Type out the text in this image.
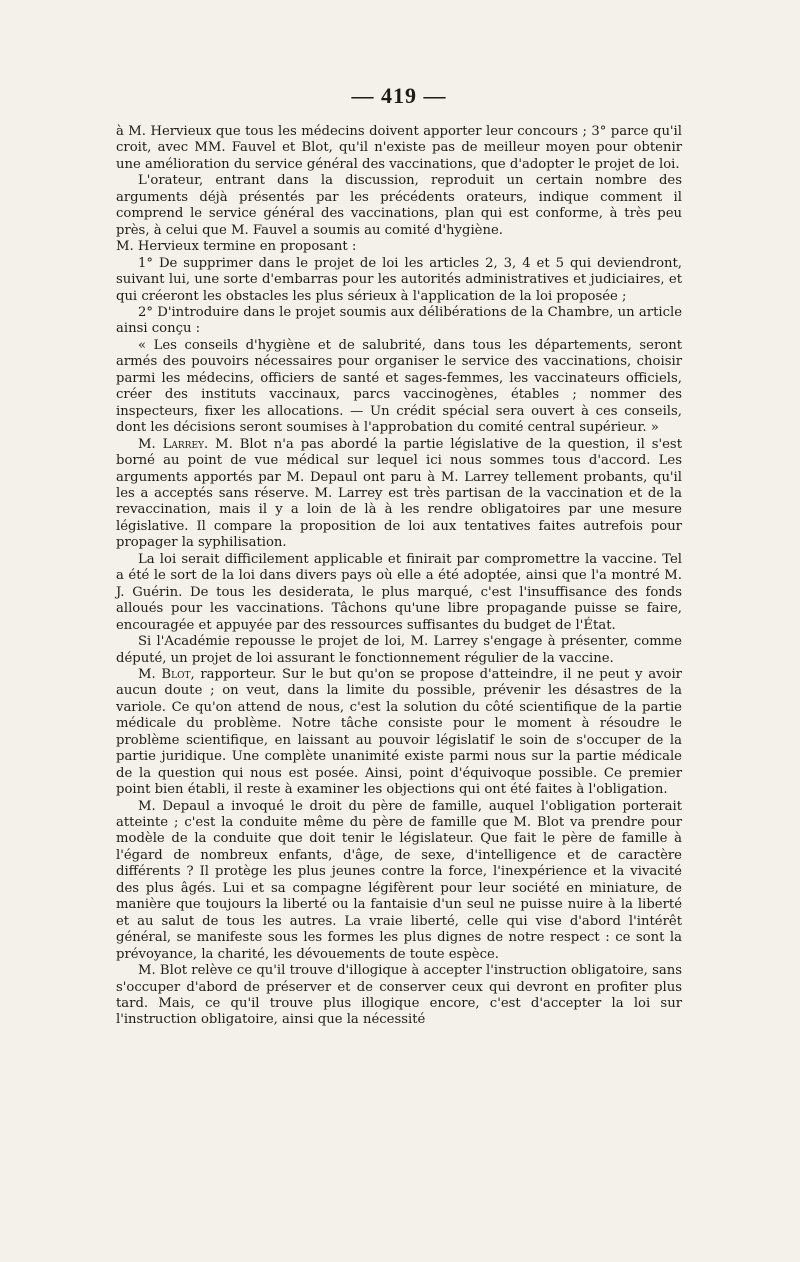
— 419 —

à M. Hervieux que tous les médecins doivent apporter leur concours ; 3° parce qu'il croit, avec MM. Fauvel et Blot, qu'il n'existe pas de meilleur moyen pour obtenir une amélioration du service général des vaccinations, que d'adopter le projet de loi.

L'orateur, entrant dans la discussion, reproduit un certain nombre des arguments déjà présentés par les précédents orateurs, indique comment il comprend le service général des vaccinations, plan qui est conforme, à très peu près, à celui que M. Fauvel a soumis au comité d'hygiène.

M. Hervieux termine en proposant :

1° De supprimer dans le projet de loi les articles 2, 3, 4 et 5 qui deviendront, suivant lui, une sorte d'embarras pour les autorités administratives et judiciaires, et qui créeront les obstacles les plus sérieux à l'application de la loi proposée ;

2° D'introduire dans le projet soumis aux délibérations de la Chambre, un article ainsi conçu :

« Les conseils d'hygiène et de salubrité, dans tous les départements, seront armés des pouvoirs nécessaires pour organiser le service des vaccinations, choisir parmi les médecins, officiers de santé et sages-femmes, les vaccinateurs officiels, créer des instituts vaccinaux, parcs vaccinogènes, étables ; nommer des inspecteurs, fixer les allocations. — Un crédit spécial sera ouvert à ces conseils, dont les décisions seront soumises à l'approbation du comité central supérieur. »

M. Larrey. M. Blot n'a pas abordé la partie législative de la question, il s'est borné au point de vue médical sur lequel ici nous sommes tous d'accord. Les arguments apportés par M. Depaul ont paru à M. Larrey tellement probants, qu'il les a acceptés sans réserve. M. Larrey est très partisan de la vaccination et de la revaccination, mais il y a loin de là à les rendre obligatoires par une mesure législative. Il compare la proposition de loi aux tentatives faites autrefois pour propager la syphilisation.

La loi serait difficilement applicable et finirait par compromettre la vaccine. Tel a été le sort de la loi dans divers pays où elle a été adoptée, ainsi que l'a montré M. J. Guérin. De tous les desiderata, le plus marqué, c'est l'insuffisance des fonds alloués pour les vaccinations. Tâchons qu'une libre propagande puisse se faire, encouragée et appuyée par des ressources suffisantes du budget de l'État.

Si l'Académie repousse le projet de loi, M. Larrey s'engage à présenter, comme député, un projet de loi assurant le fonctionnement régulier de la vaccine.

M. Blot, rapporteur. Sur le but qu'on se propose d'atteindre, il ne peut y avoir aucun doute ; on veut, dans la limite du possible, prévenir les désastres de la variole. Ce qu'on attend de nous, c'est la solution du côté scientifique de la partie médicale du problème. Notre tâche consiste pour le moment à résoudre le problème scientifique, en laissant au pouvoir législatif le soin de s'occuper de la partie juridique. Une complète unanimité existe parmi nous sur la partie médicale de la question qui nous est posée. Ainsi, point d'équivoque possible. Ce premier point bien établi, il reste à examiner les objections qui ont été faites à l'obligation.

M. Depaul a invoqué le droit du père de famille, auquel l'obligation porterait atteinte ; c'est la conduite même du père de famille que M. Blot va prendre pour modèle de la conduite que doit tenir le législateur. Que fait le père de famille à l'égard de nombreux enfants, d'âge, de sexe, d'intelligence et de caractère différents ? Il protège les plus jeunes contre la force, l'inexpérience et la vivacité des plus âgés. Lui et sa compagne légifèrent pour leur société en miniature, de manière que toujours la liberté ou la fantaisie d'un seul ne puisse nuire à la liberté et au salut de tous les autres. La vraie liberté, celle qui vise d'abord l'intérêt général, se manifeste sous les formes les plus dignes de notre respect : ce sont la prévoyance, la charité, les dévouements de toute espèce.

M. Blot relève ce qu'il trouve d'illogique à accepter l'instruction obligatoire, sans s'occuper d'abord de préserver et de conserver ceux qui devront en profiter plus tard. Mais, ce qu'il trouve plus illogique encore, c'est d'accepter la loi sur l'instruction obligatoire, ainsi que la nécessité
